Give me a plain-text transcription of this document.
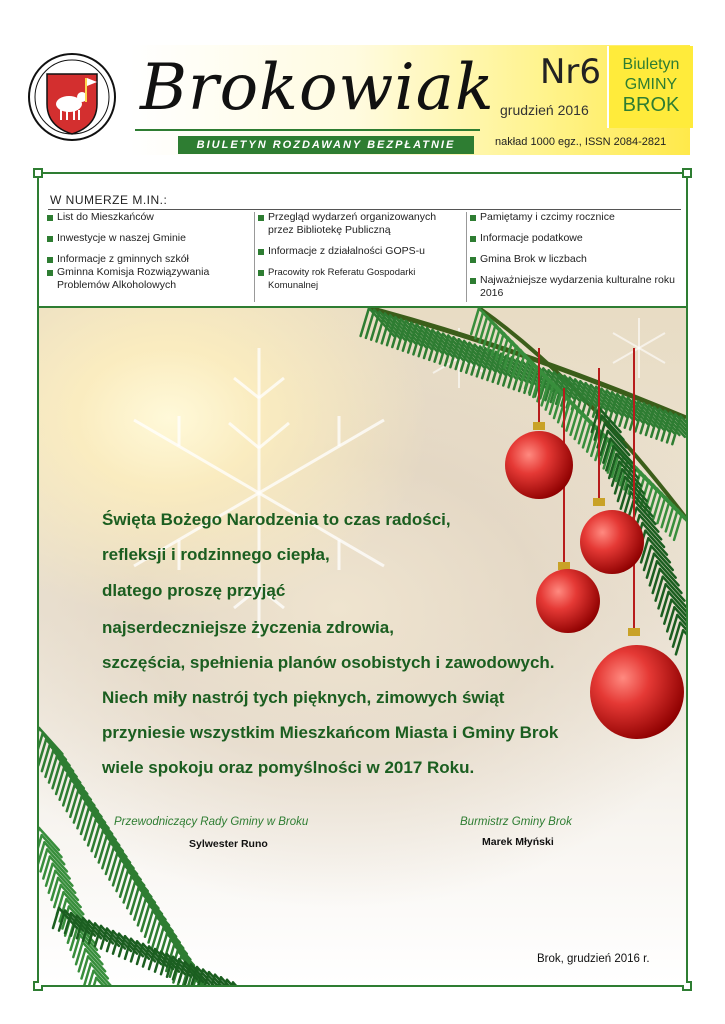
Brokowiak
BIULETYN ROZDAWANY BEZPŁATNIE
Nr6
grudzień 2016
Biuletyn
GMINY
BROK
nakład 1000 egz., ISSN 2084-2821
W NUMERZE M.IN.:
List do Mieszkańców
Inwestycje w naszej Gminie
Informacje z gminnych szkół
Gminna Komisja Rozwiązywania Problemów Alkoholowych
Przegląd wydarzeń organizowanych przez Bibliotekę Publiczną
Informacje z działalności GOPS-u
Pracowity rok Referatu Gospodarki Komunalnej
Pamiętamy i czcimy rocznice
Informacje podatkowe
Gmina Brok w liczbach
Najważniejsze wydarzenia kulturalne roku 2016
Święta Bożego Narodzenia to czas radości,
refleksji i rodzinnego ciepła,
dlatego proszę przyjąć
najserdeczniejsze życzenia zdrowia,
szczęścia, spełnienia planów osobistych i zawodowych.
Niech miły nastrój tych pięknych, zimowych świąt
przyniesie wszystkim Mieszkańcom Miasta i Gminy Brok
wiele spokoju oraz pomyślności w 2017 Roku.
Przewodniczący Rady Gminy w Broku
Sylwester Runo
Burmistrz Gminy Brok
Marek Młyński
Brok, grudzień 2016 r.
